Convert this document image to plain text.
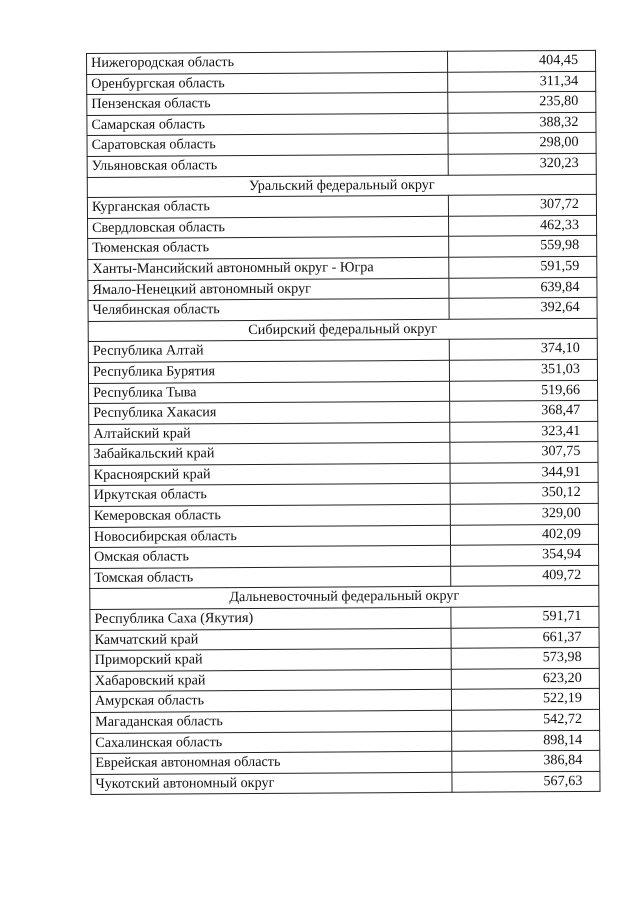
Нижегородская область	404,45
Оренбургская область	311,34
Пензенская область	235,80
Самарская область	388,32
Саратовская область	298,00
Ульяновская область	320,23
Уральский федеральный округ	
Курганская область	307,72
Свердловская область	462,33
Тюменская область	559,98
Ханты-Мансийский автономный округ - Югра	591,59
Ямало-Ненецкий автономный округ	639,84
Челябинская область	392,64
Сибирский федеральный округ	
Республика Алтай	374,10
Республика Бурятия	351,03
Республика Тыва	519,66
Республика Хакасия	368,47
Алтайский край	323,41
Забайкальский край	307,75
Красноярский край	344,91
Иркутская область	350,12
Кемеровская область	329,00
Новосибирская область	402,09
Омская область	354,94
Томская область	409,72
Дальневосточный федеральный округ	
Республика Саха (Якутия)	591,71
Камчатский край	661,37
Приморский край	573,98
Хабаровский край	623,20
Амурская область	522,19
Магаданская область	542,72
Сахалинская область	898,14
Еврейская автономная область	386,84
Чукотский автономный округ	567,63
